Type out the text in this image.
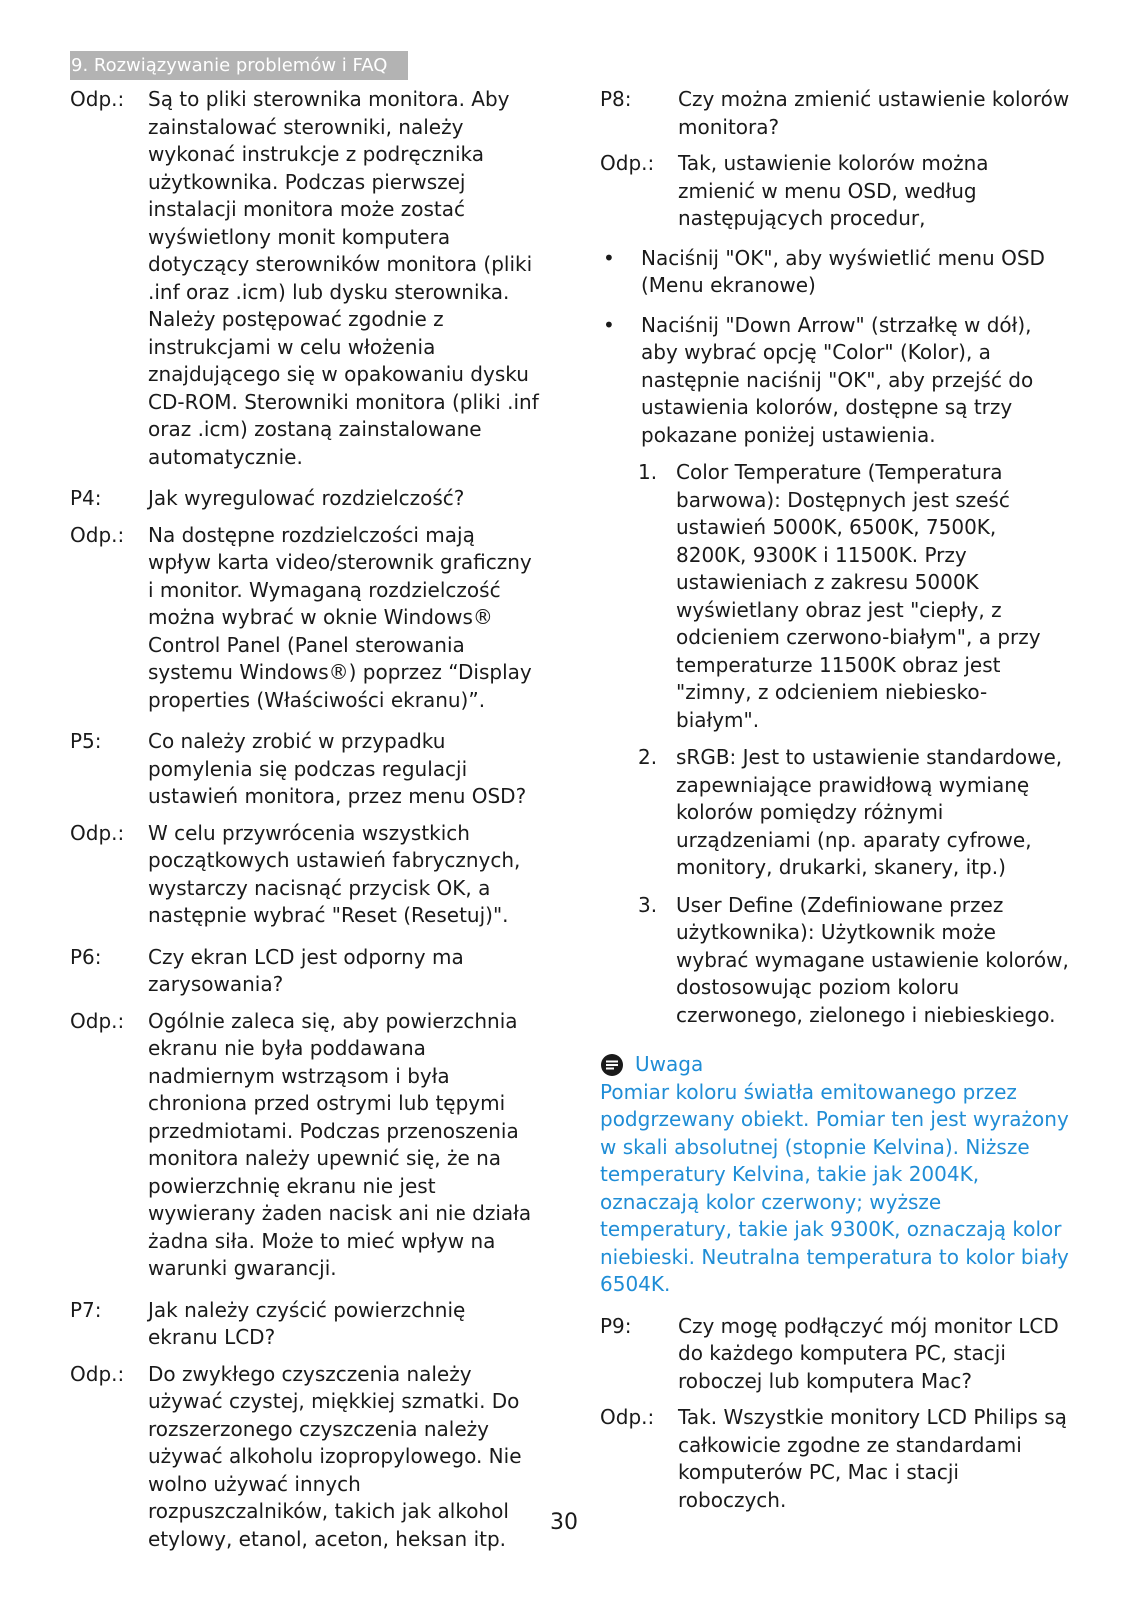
9. Rozwiązywanie problemów i FAQ
Odp.:	Są to pliki sterownika monitora. Aby zainstalować sterowniki, należy wykonać instrukcje z podręcznika użytkownika. Podczas pierwszej instalacji monitora może zostać wyświetlony monit komputera dotyczący sterowników monitora (pliki .inf oraz .icm) lub dysku sterownika. Należy postępować zgodnie z instrukcjami w celu włożenia znajdującego się w opakowaniu dysku CD-ROM. Sterowniki monitora (pliki .inf oraz .icm) zostaną zainstalowane automatycznie.
P4:	Jak wyregulować rozdzielczość?
Odp.:	Na dostępne rozdzielczości mają wpływ karta video/sterownik graficzny i monitor. Wymaganą rozdzielczość można wybrać w oknie Windows® Control Panel (Panel sterowania systemu Windows®) poprzez “Display properties (Właściwości ekranu)”.
P5:	Co należy zrobić w przypadku pomylenia się podczas regulacji ustawień monitora, przez menu OSD?
Odp.:	W celu przywrócenia wszystkich początkowych ustawień fabrycznych, wystarczy nacisnąć przycisk OK, a następnie wybrać "Reset (Resetuj)".
P6:	Czy ekran LCD jest odporny ma zarysowania?
Odp.:	Ogólnie zaleca się, aby powierzchnia ekranu nie była poddawana nadmiernym wstrząsom i była chroniona przed ostrymi lub tępymi przedmiotami. Podczas przenoszenia monitora należy upewnić się, że na powierzchnię ekranu nie jest wywierany żaden nacisk ani nie działa żadna siła. Może to mieć wpływ na warunki gwarancji.
P7:	Jak należy czyścić powierzchnię ekranu LCD?
Odp.:	Do zwykłego czyszczenia należy używać czystej, miękkiej szmatki. Do rozszerzonego czyszczenia należy używać alkoholu izopropylowego. Nie wolno używać innych rozpuszczalników, takich jak alkohol etylowy, etanol, aceton, heksan itp.
P8:	Czy można zmienić ustawienie kolorów monitora?
Odp.:	Tak, ustawienie kolorów można zmienić w menu OSD, według następujących procedur,
•	Naciśnij "OK", aby wyświetlić menu OSD (Menu ekranowe)
•	Naciśnij "Down Arrow" (strzałkę w dół), aby wybrać opcję "Color" (Kolor), a następnie naciśnij "OK", aby przejść do ustawienia kolorów, dostępne są trzy pokazane poniżej ustawienia.
1. Color Temperature (Temperatura barwowa): Dostępnych jest sześć ustawień 5000K, 6500K, 7500K, 8200K, 9300K i 11500K. Przy ustawieniach z zakresu 5000K wyświetlany obraz jest "ciepły, z odcieniem czerwono-białym", a przy temperaturze 11500K obraz jest "zimny, z odcieniem niebiesko-białym".
2. sRGB: Jest to ustawienie standardowe, zapewniające prawidłową wymianę kolorów pomiędzy różnymi urządzeniami (np. aparaty cyfrowe, monitory, drukarki, skanery, itp.)
3. User Define (Zdefiniowane przez użytkownika): Użytkownik może wybrać wymagane ustawienie kolorów, dostosowując poziom koloru czerwonego, zielonego i niebieskiego.
Uwaga
Pomiar koloru światła emitowanego przez podgrzewany obiekt. Pomiar ten jest wyrażony w skali absolutnej (stopnie Kelvina). Niższe temperatury Kelvina, takie jak 2004K, oznaczają kolor czerwony; wyższe temperatury, takie jak 9300K, oznaczają kolor niebieski. Neutralna temperatura to kolor biały 6504K.
P9:	Czy mogę podłączyć mój monitor LCD do każdego komputera PC, stacji roboczej lub komputera Mac?
Odp.:	Tak. Wszystkie monitory LCD Philips są całkowicie zgodne ze standardami komputerów PC, Mac i stacji roboczych.
30
